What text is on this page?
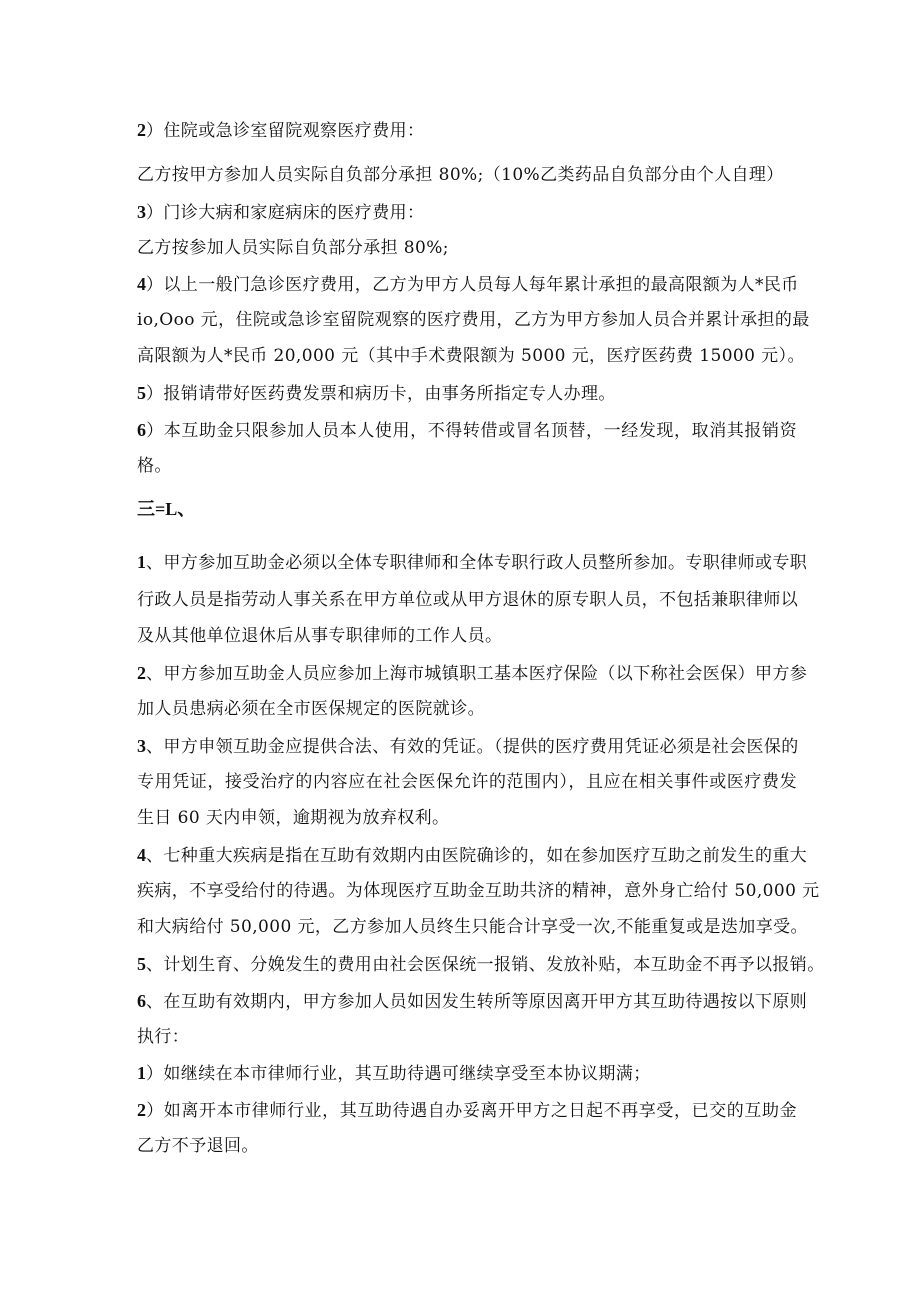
2）住院或急诊室留院观察医疗费用：
乙方按甲方参加人员实际自负部分承担 80%;（10%乙类药品自负部分由个人自理）
3）门诊大病和家庭病床的医疗费用：
乙方按参加人员实际自负部分承担 80%;
4）以上一般门急诊医疗费用，乙方为甲方人员每人每年累计承担的最高限额为人*民币
io,Ooo 元，住院或急诊室留院观察的医疗费用，乙方为甲方参加人员合并累计承担的最
高限额为人*民币 20,000 元（其中手术费限额为 5000 元，医疗医药费 15000 元）。
5）报销请带好医药费发票和病历卡，由事务所指定专人办理。
6）本互助金只限参加人员本人使用，不得转借或冒名顶替，一经发现，取消其报销资
格。
三=L、
1、甲方参加互助金必须以全体专职律师和全体专职行政人员整所参加。专职律师或专职
行政人员是指劳动人事关系在甲方单位或从甲方退休的原专职人员，不包括兼职律师以
及从其他单位退休后从事专职律师的工作人员。
2、甲方参加互助金人员应参加上海市城镇职工基本医疗保险（以下称社会医保）甲方参
加人员患病必须在全市医保规定的医院就诊。
3、甲方申领互助金应提供合法、有效的凭证。（提供的医疗费用凭证必须是社会医保的
专用凭证，接受治疗的内容应在社会医保允许的范围内），且应在相关事件或医疗费发
生日 60 天内申领，逾期视为放弃权利。
4、七种重大疾病是指在互助有效期内由医院确诊的，如在参加医疗互助之前发生的重大
疾病，不享受给付的待遇。为体现医疗互助金互助共济的精神，意外身亡给付 50,000 元
和大病给付 50,000 元，乙方参加人员终生只能合计享受一次,不能重复或是迭加享受。
5、计划生育、分娩发生的费用由社会医保统一报销、发放补贴，本互助金不再予以报销。
6、在互助有效期内，甲方参加人员如因发生转所等原因离开甲方其互助待遇按以下原则
执行：
1）如继续在本市律师行业，其互助待遇可继续享受至本协议期满；
2）如离开本市律师行业，其互助待遇自办妥离开甲方之日起不再享受，已交的互助金
乙方不予退回。
